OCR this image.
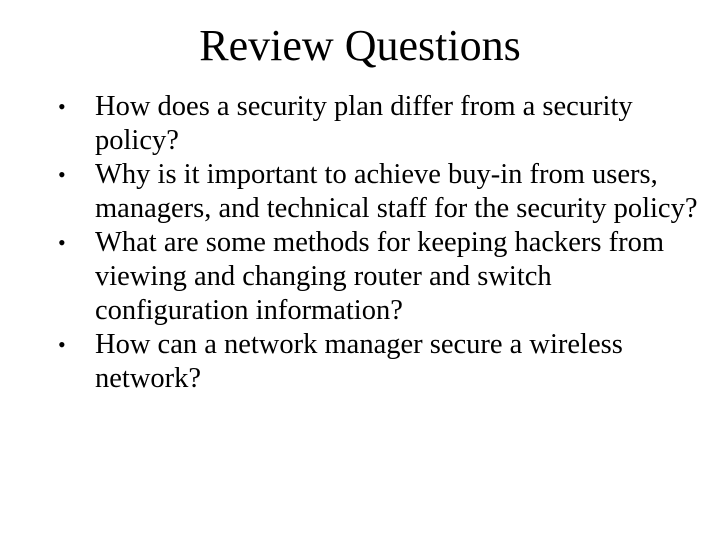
Review Questions
•	How does a security plan differ from a security policy?
•	Why is it important to achieve buy-in from users, managers, and technical staff for the security policy?
•	What are some methods for keeping hackers from viewing and changing router and switch configuration information?
•	How can a network manager secure a wireless network?
